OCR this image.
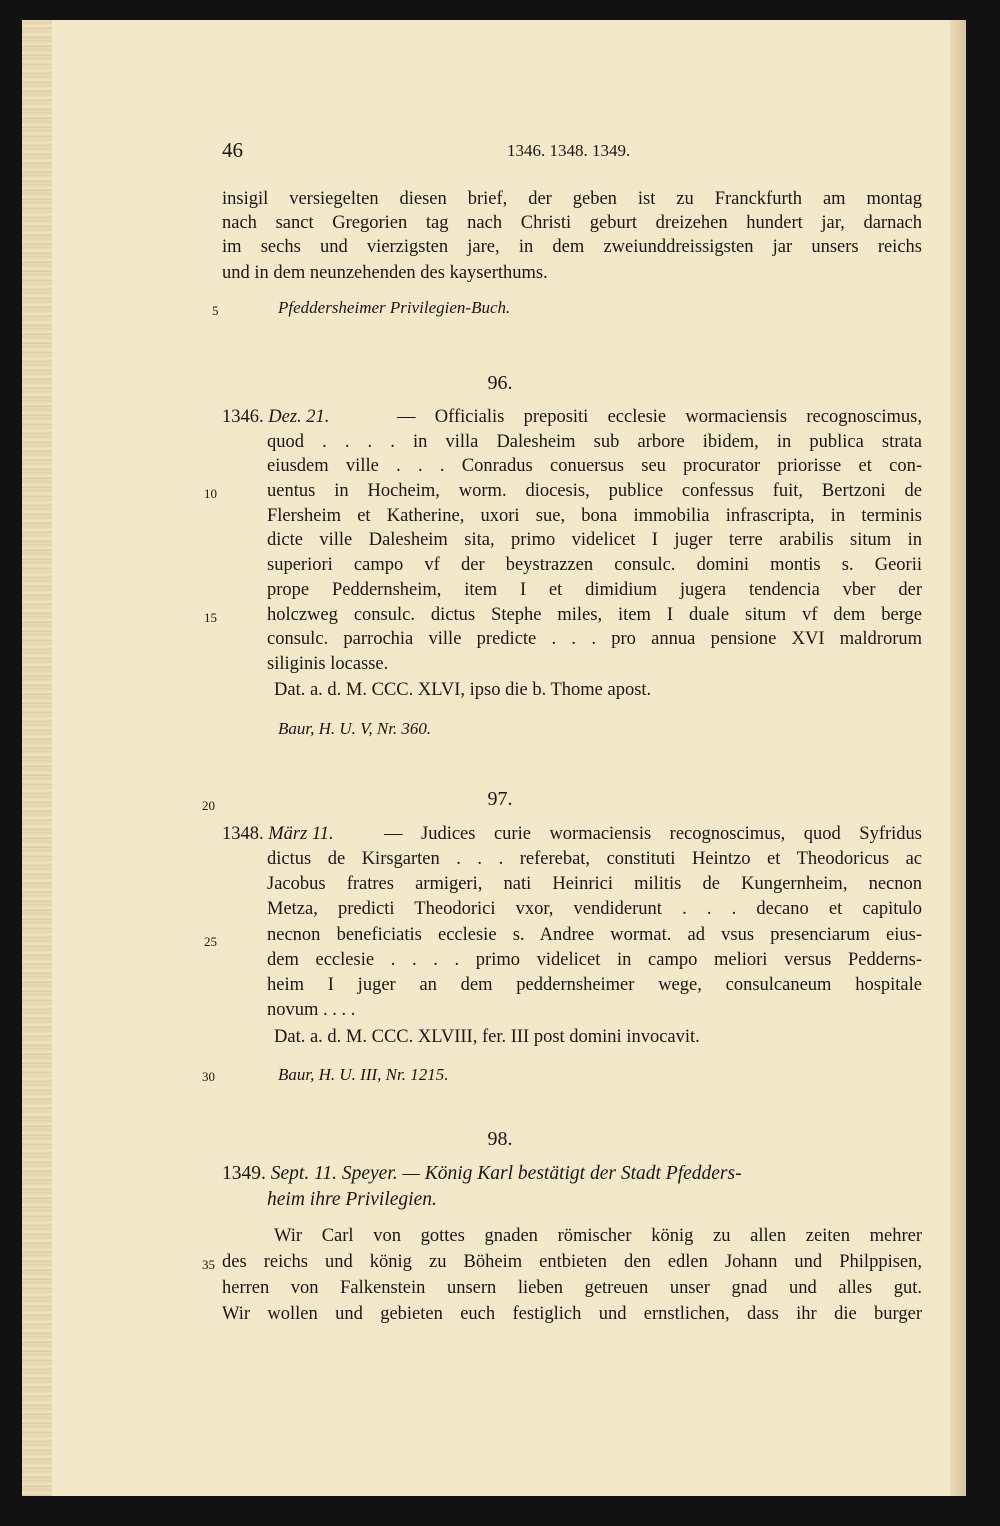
46	1346. 1348. 1349.
insigil versiegelten diesen brief, der geben ist zu Franckfurth am montag
nach sanct Gregorien tag nach Christi geburt dreizehen hundert jar, darnach
im sechs und vierzigsten jare, in dem zweiunddreissigsten jar unsers reichs
und in dem neunzehenden des kayserthums.
5	Pfeddersheimer Privilegien-Buch.
96.
1346. Dez. 21.	— Officialis prepositi ecclesie wormaciensis recognoscimus,
quod . . . . in villa Dalesheim sub arbore ibidem, in publica strata
eiusdem ville . . . Conradus conuersus seu procurator priorisse et con-
10	uentus in Hocheim, worm. diocesis, publice confessus fuit, Bertzoni de
Flersheim et Katherine, uxori sue, bona immobilia infrascripta, in terminis
dicte ville Dalesheim sita, primo videlicet I juger terre arabilis situm in
superiori campo vf der beystrazzen consulc. domini montis s. Georii
prope Peddernsheim, item I et dimidium jugera tendencia vber der
15	holczweg consulc. dictus Stephe miles, item I duale situm vf dem berge
consulc. parrochia ville predicte . . . pro annua pensione XVI maldrorum
siliginis locasse.
Dat. a. d. M. CCC. XLVI, ipso die b. Thome apost.
Baur, H. U. V, Nr. 360.
20	97.
1348. März 11.	— Judices curie wormaciensis recognoscimus, quod Syfridus
dictus de Kirsgarten . . . referebat, constituti Heintzo et Theodoricus ac
Jacobus fratres armigeri, nati Heinrici militis de Kungernheim, necnon
Metza, predicti Theodorici vxor, vendiderunt . . . decano et capitulo
25	necnon beneficiatis ecclesie s. Andree wormat. ad vsus presenciarum eius-
dem ecclesie . . . . primo videlicet in campo meliori versus Pedderns-
heim I juger an dem peddernsheimer wege, consulcaneum hospitale
novum . . . .
Dat. a. d. M. CCC. XLVIII, fer. III post domini invocavit.
30	Baur, H. U. III, Nr. 1215.
98.
1349. Sept. 11. Speyer. — König Karl bestätigt der Stadt Pfedders-
heim ihre Privilegien.
Wir Carl von gottes gnaden römischer könig zu allen zeiten mehrer
35 des reichs und könig zu Böheim entbieten den edlen Johann und Philppisen,
herren von Falkenstein unsern lieben getreuen unser gnad und alles gut.
Wir wollen und gebieten euch festiglich und ernstlichen, dass ihr die burger
